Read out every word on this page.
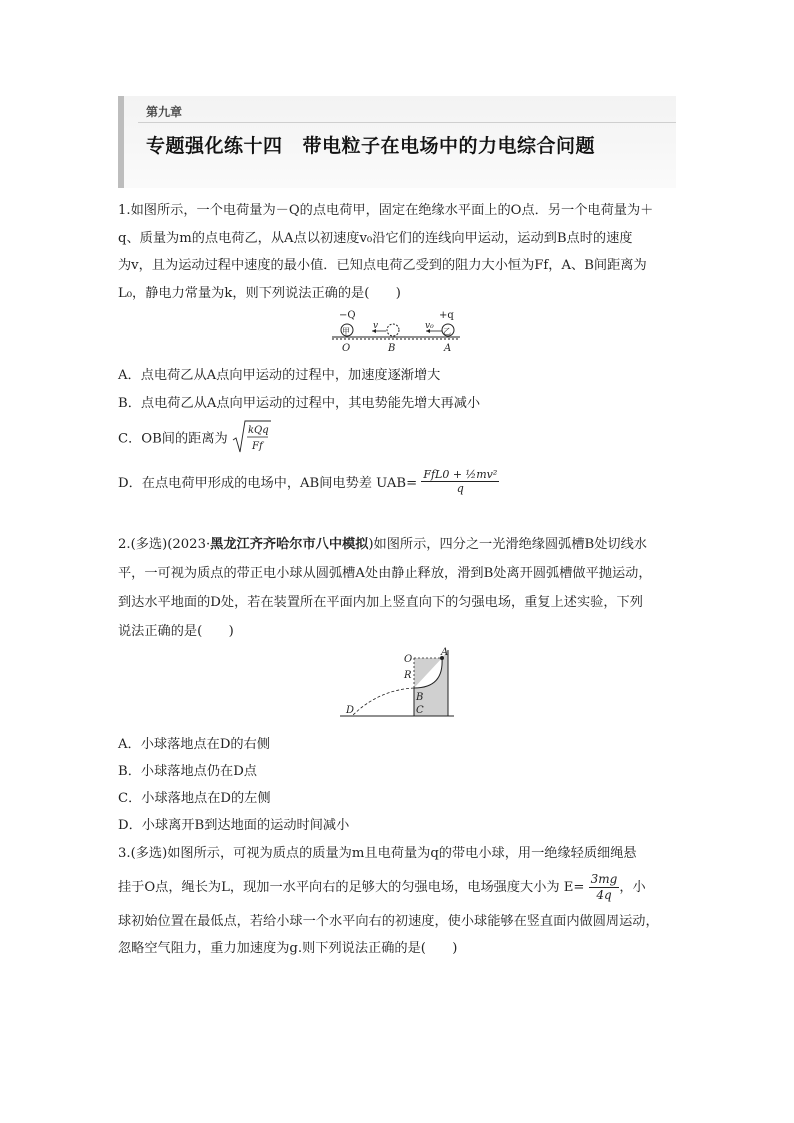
第九章
专题强化练十四 带电粒子在电场中的力电综合问题
1.如图所示，一个电荷量为－Q的点电荷甲，固定在绝缘水平面上的O点．另一个电荷量为＋
q、质量为m的点电荷乙，从A点以初速度v₀沿它们的连线向甲运动，运动到B点时的速度
为v，且为运动过程中速度的最小值．已知点电荷乙受到的阻力大小恒为Ff，A、B间距离为
L₀，静电力常量为k，则下列说法正确的是(　　)
−Q	+q
甲
v	v₀
乙
O	B	A
A．点电荷乙从A点向甲运动的过程中，加速度逐渐增大
B．点电荷乙从A点向甲运动的过程中，其电势能先增大再减小
C．OB间的距离为
kQq
Ff
D．在点电荷甲形成的电场中，AB间电势差 $UAB= \frac{\text{FfL0 + ½mv²}}{q}$
2.(多选)(2023·黑龙江齐齐哈尔市八中模拟)如图所示，四分之一光滑绝缘圆弧槽B处切线水
平，一可视为质点的带正电小球从圆弧槽A处由静止释放，滑到B处离开圆弧槽做平抛运动，
到达水平地面的D处，若在装置所在平面内加上竖直向下的匀强电场，重复上述实验，下列
说法正确的是(　　)
O
A
R
B
C
D
A．小球落地点在D的右侧
B．小球落地点仍在D点
C．小球落地点在D的左侧
D．小球离开B到达地面的运动时间减小
3.(多选)如图所示，可视为质点的质量为m且电荷量为q的带电小球，用一绝缘轻质细绳悬
挂于O点，绳长为L，现加一水平向右的足够大的匀强电场，电场强度大小为 $E= \frac{3mg}{4q}$ ，小
球初始位置在最低点，若给小球一个水平向右的初速度，使小球能够在竖直面内做圆周运动，
忽略空气阻力，重力加速度为g.则下列说法正确的是(　　)
